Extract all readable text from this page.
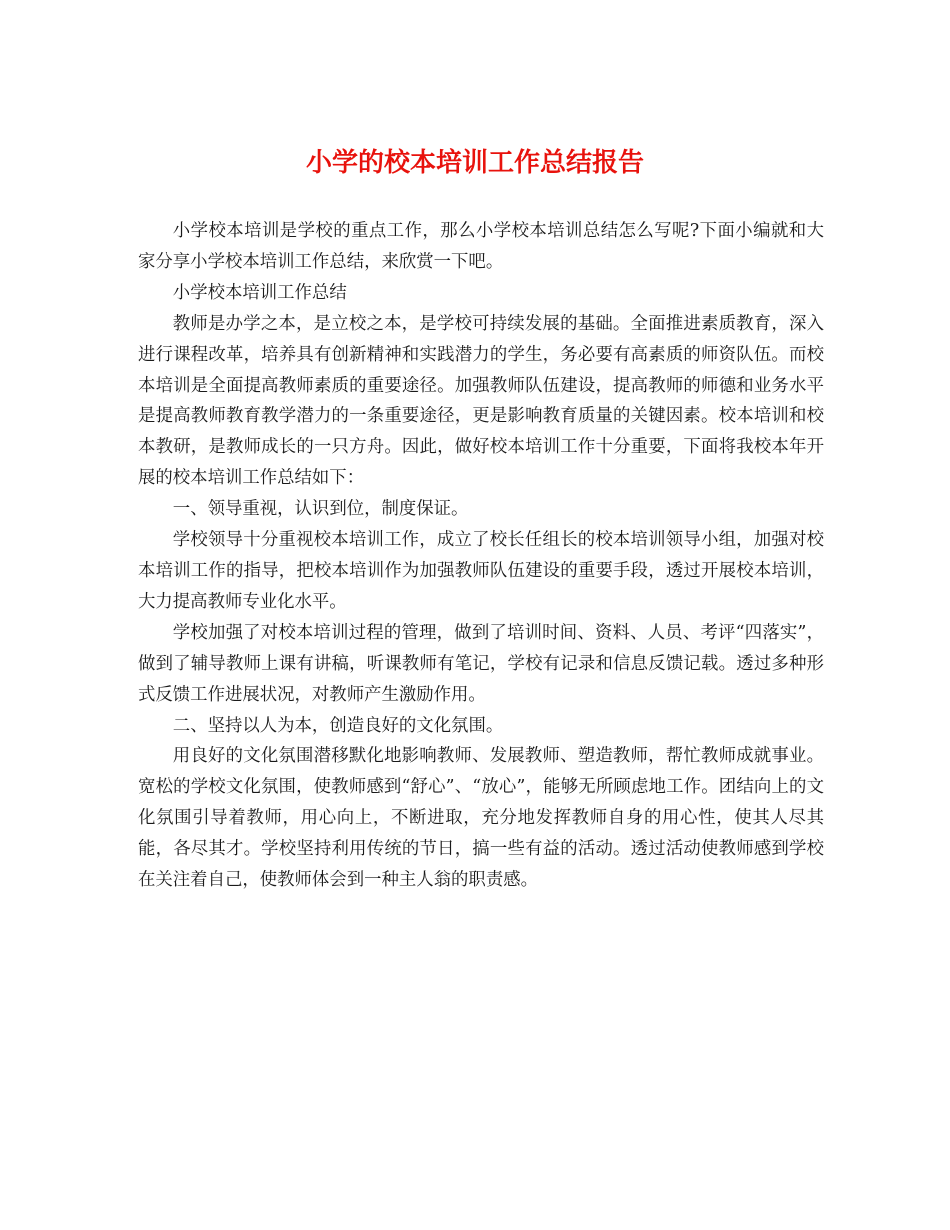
小学的校本培训工作总结报告

小学校本培训是学校的重点工作，那么小学校本培训总结怎么写呢?下面小编就和大家分享小学校本培训工作总结，来欣赏一下吧。

小学校本培训工作总结

教师是办学之本，是立校之本，是学校可持续发展的基础。全面推进素质教育，深入进行课程改革，培养具有创新精神和实践潜力的学生，务必要有高素质的师资队伍。而校本培训是全面提高教师素质的重要途径。加强教师队伍建设，提高教师的师德和业务水平是提高教师教育教学潜力的一条重要途径，更是影响教育质量的关键因素。校本培训和校本教研，是教师成长的一只方舟。因此，做好校本培训工作十分重要，下面将我校本年开展的校本培训工作总结如下：

一、领导重视，认识到位，制度保证。

学校领导十分重视校本培训工作，成立了校长任组长的校本培训领导小组，加强对校本培训工作的指导，把校本培训作为加强教师队伍建设的重要手段，透过开展校本培训，大力提高教师专业化水平。

学校加强了对校本培训过程的管理，做到了培训时间、资料、人员、考评“四落实”，做到了辅导教师上课有讲稿，听课教师有笔记，学校有记录和信息反馈记载。透过多种形式反馈工作进展状况，对教师产生激励作用。

二、坚持以人为本，创造良好的文化氛围。

用良好的文化氛围潜移默化地影响教师、发展教师、塑造教师，帮忙教师成就事业。宽松的学校文化氛围，使教师感到“舒心”、“放心”，能够无所顾虑地工作。团结向上的文化氛围引导着教师，用心向上，不断进取，充分地发挥教师自身的用心性，使其人尽其能，各尽其才。学校坚持利用传统的节日，搞一些有益的活动。透过活动使教师感到学校在关注着自己，使教师体会到一种主人翁的职责感。
